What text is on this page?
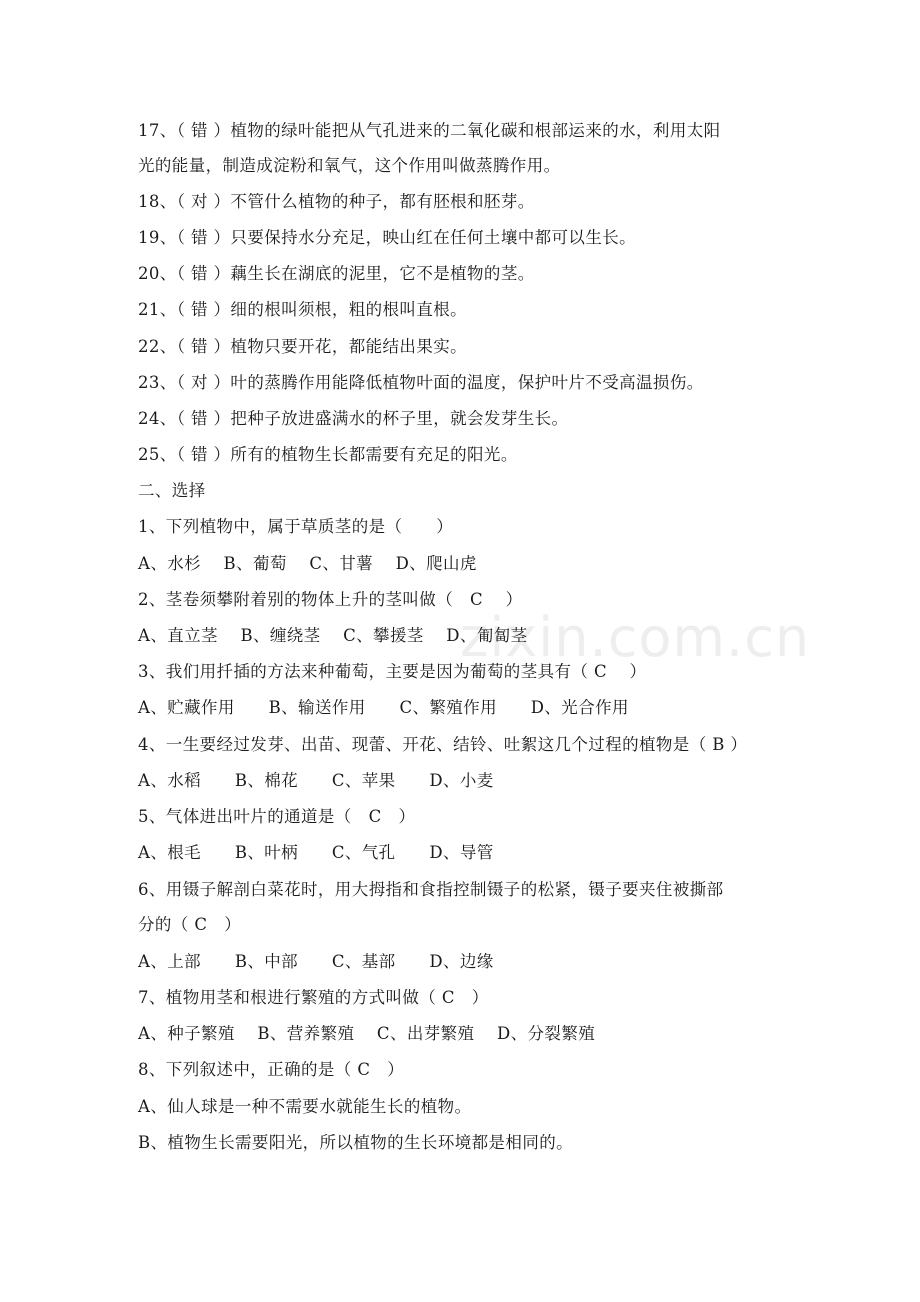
zixin.com.cn
17、（ 错 ）植物的绿叶能把从气孔进来的二氧化碳和根部运来的水，利用太阳
光的能量，制造成淀粉和氧气，这个作用叫做蒸腾作用。
18、（ 对 ）不管什么植物的种子，都有胚根和胚芽。
19、（ 错 ）只要保持水分充足，映山红在任何土壤中都可以生长。
20、（ 错 ）藕生长在湖底的泥里，它不是植物的茎。
21、（ 错 ）细的根叫须根，粗的根叫直根。
22、（ 错 ）植物只要开花，都能结出果实。
23、（ 对 ）叶的蒸腾作用能降低植物叶面的温度，保护叶片不受高温损伤。
24、（ 错 ）把种子放进盛满水的杯子里，就会发芽生长。
25、（ 错 ）所有的植物生长都需要有充足的阳光。
二、选择
1、下列植物中，属于草质茎的是（　　）
A、水杉　 B、葡萄　 C、甘薯　 D、爬山虎
2、茎卷须攀附着别的物体上升的茎叫做（　C　 ）
A、直立茎　 B、缠绕茎　 C、攀援茎　 D、匍匐茎
3、我们用扦插的方法来种葡萄，主要是因为葡萄的茎具有（ C　 ）
A、贮藏作用　　B、输送作用　　C、繁殖作用　　D、光合作用
4、一生要经过发芽、出苗、现蕾、开花、结铃、吐絮这几个过程的植物是（ B ）
A、水稻　　B、棉花　　C、苹果　　D、小麦
5、气体进出叶片的通道是（　C　）
A、根毛　　B、叶柄　　C、气孔　　D、导管
6、用镊子解剖白菜花时，用大拇指和食指控制镊子的松紧，镊子要夹住被撕部
分的（ C　）
A、上部　　B、中部　　C、基部　　D、边缘
7、植物用茎和根进行繁殖的方式叫做（ C　）
A、种子繁殖　 B、营养繁殖　 C、出芽繁殖　 D、分裂繁殖
8、下列叙述中，正确的是（ C　）
A、仙人球是一种不需要水就能生长的植物。
B、植物生长需要阳光，所以植物的生长环境都是相同的。
